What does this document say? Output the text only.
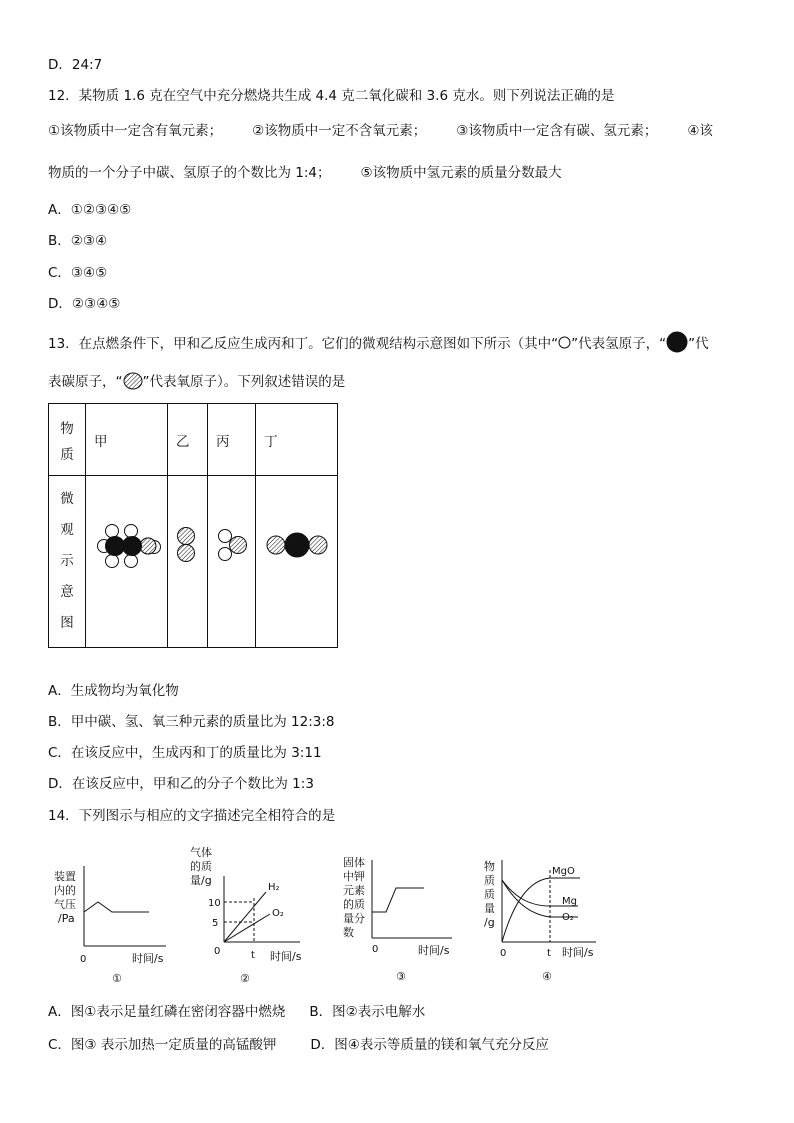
D．24:7
12．某物质 1.6 克在空气中充分燃烧共生成 4.4 克二氧化碳和 3.6 克水。则下列说法正确的是
①该物质中一定含有氧元素； ②该物质中一定不含氧元素； ③该物质中一定含有碳、氢元素； ④该
物质的一个分子中碳、氢原子的个数比为 1:4； ⑤该物质中氢元素的质量分数最大
A．①②③④⑤
B．②③④
C．③④⑤
D．②③④⑤
13．在点燃条件下，甲和乙反应生成丙和丁。它们的微观结构示意图如下所示（其中“ ”代表氢原子，“ ”代
表碳原子，“ ”代表氧原子）。下列叙述错误的是
物
质	甲	乙	丙	丁

微
观
示
意
图

A．生成物均为氧化物
B．甲中碳、氢、氧三种元素的质量比为 12:3:8
C．在该反应中，生成丙和丁的质量比为 3:11
D．在该反应中，甲和乙的分子个数比为 1:3
14．下列图示与相应的文字描述完全相符合的是
装置
内的
气压
/Pa
0	时间/s
①
气体
的质
量/g
10
5
H₂
O₂
0	t 时间/s
②
固体
中钾
元素
的质
量分
数
0	时间/s
③
物
质
质
量
/g
MgO
Mg
O₂
0	t 时间/s
④
A．图①表示足量红磷在密闭容器中燃烧 B．图②表示电解水
C．图③ 表示加热一定质量的高锰酸钾	D．图④表示等质量的镁和氧气充分反应
